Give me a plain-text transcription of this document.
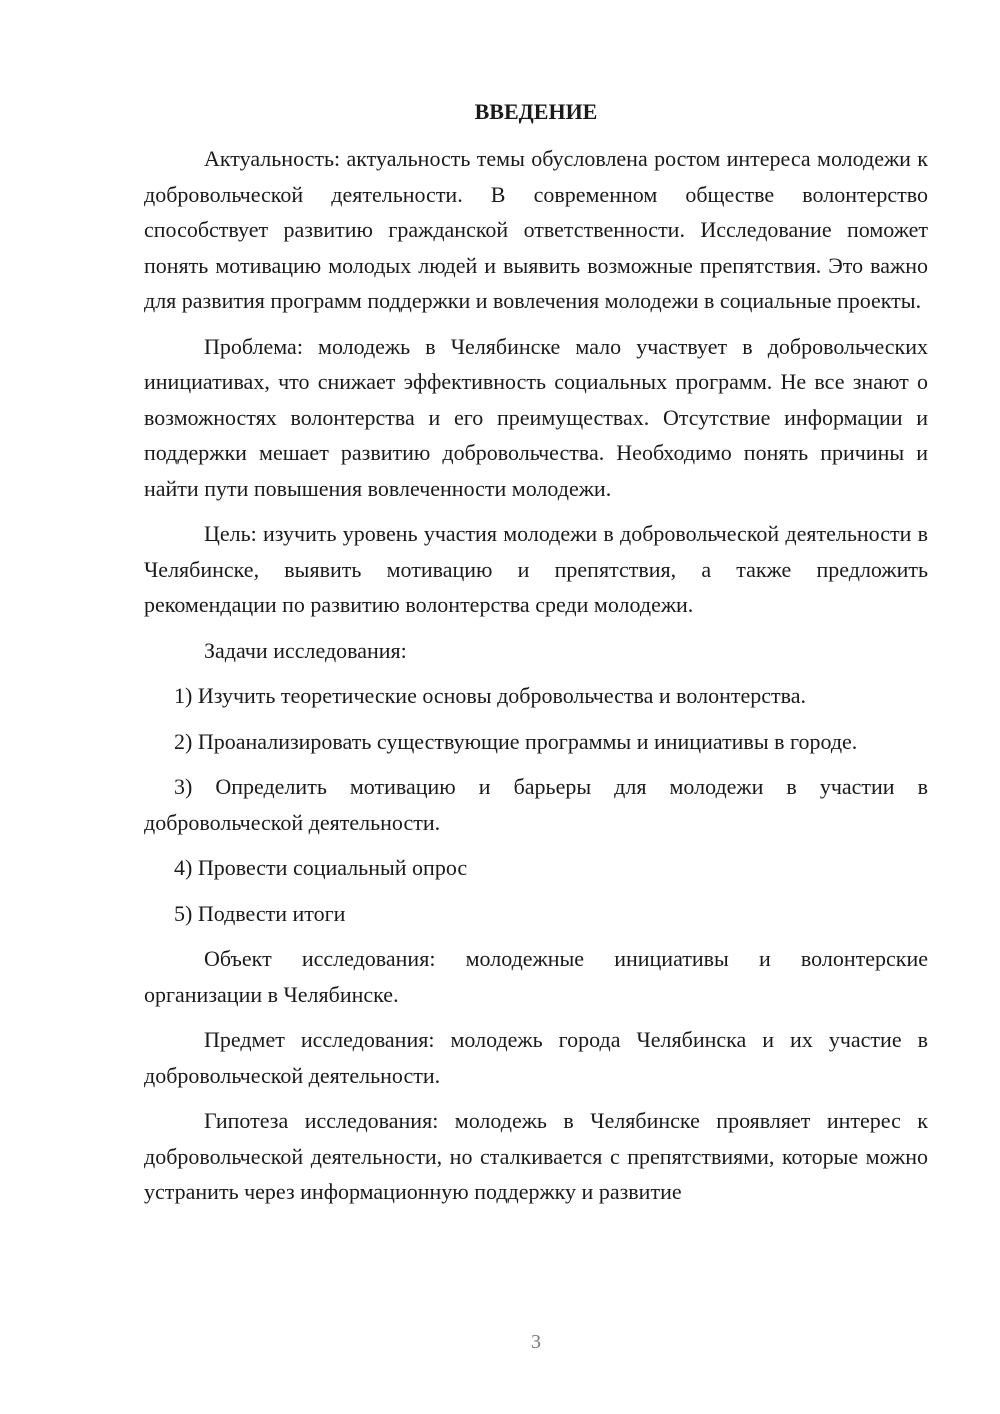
ВВЕДЕНИЕ

Актуальность: актуальность темы обусловлена ростом интереса молодежи к добровольческой деятельности. В современном обществе волонтерство способствует развитию гражданской ответственности. Исследование поможет понять мотивацию молодых людей и выявить возможные препятствия. Это важно для развития программ поддержки и вовлечения молодежи в социальные проекты.

Проблема: молодежь в Челябинске мало участвует в добровольческих инициативах, что снижает эффективность социальных программ. Не все знают о возможностях волонтерства и его преимуществах. Отсутствие информации и поддержки мешает развитию добровольчества. Необходимо понять причины и найти пути повышения вовлеченности молодежи.

Цель: изучить уровень участия молодежи в добровольческой деятельности в Челябинске, выявить мотивацию и препятствия, а также предложить рекомендации по развитию волонтерства среди молодежи.

Задачи исследования:

1) Изучить теоретические основы добровольчества и волонтерства.

2) Проанализировать существующие программы и инициативы в городе.

3) Определить мотивацию и барьеры для молодежи в участии в добровольческой деятельности.

4) Провести социальный опрос

5) Подвести итоги

Объект исследования: молодежные инициативы и волонтерские организации в Челябинске.

Предмет исследования: молодежь города Челябинска и их участие в добровольческой деятельности.

Гипотеза исследования: молодежь в Челябинске проявляет интерес к добровольческой деятельности, но сталкивается с препятствиями, которые можно устранить через информационную поддержку и развитие

3
